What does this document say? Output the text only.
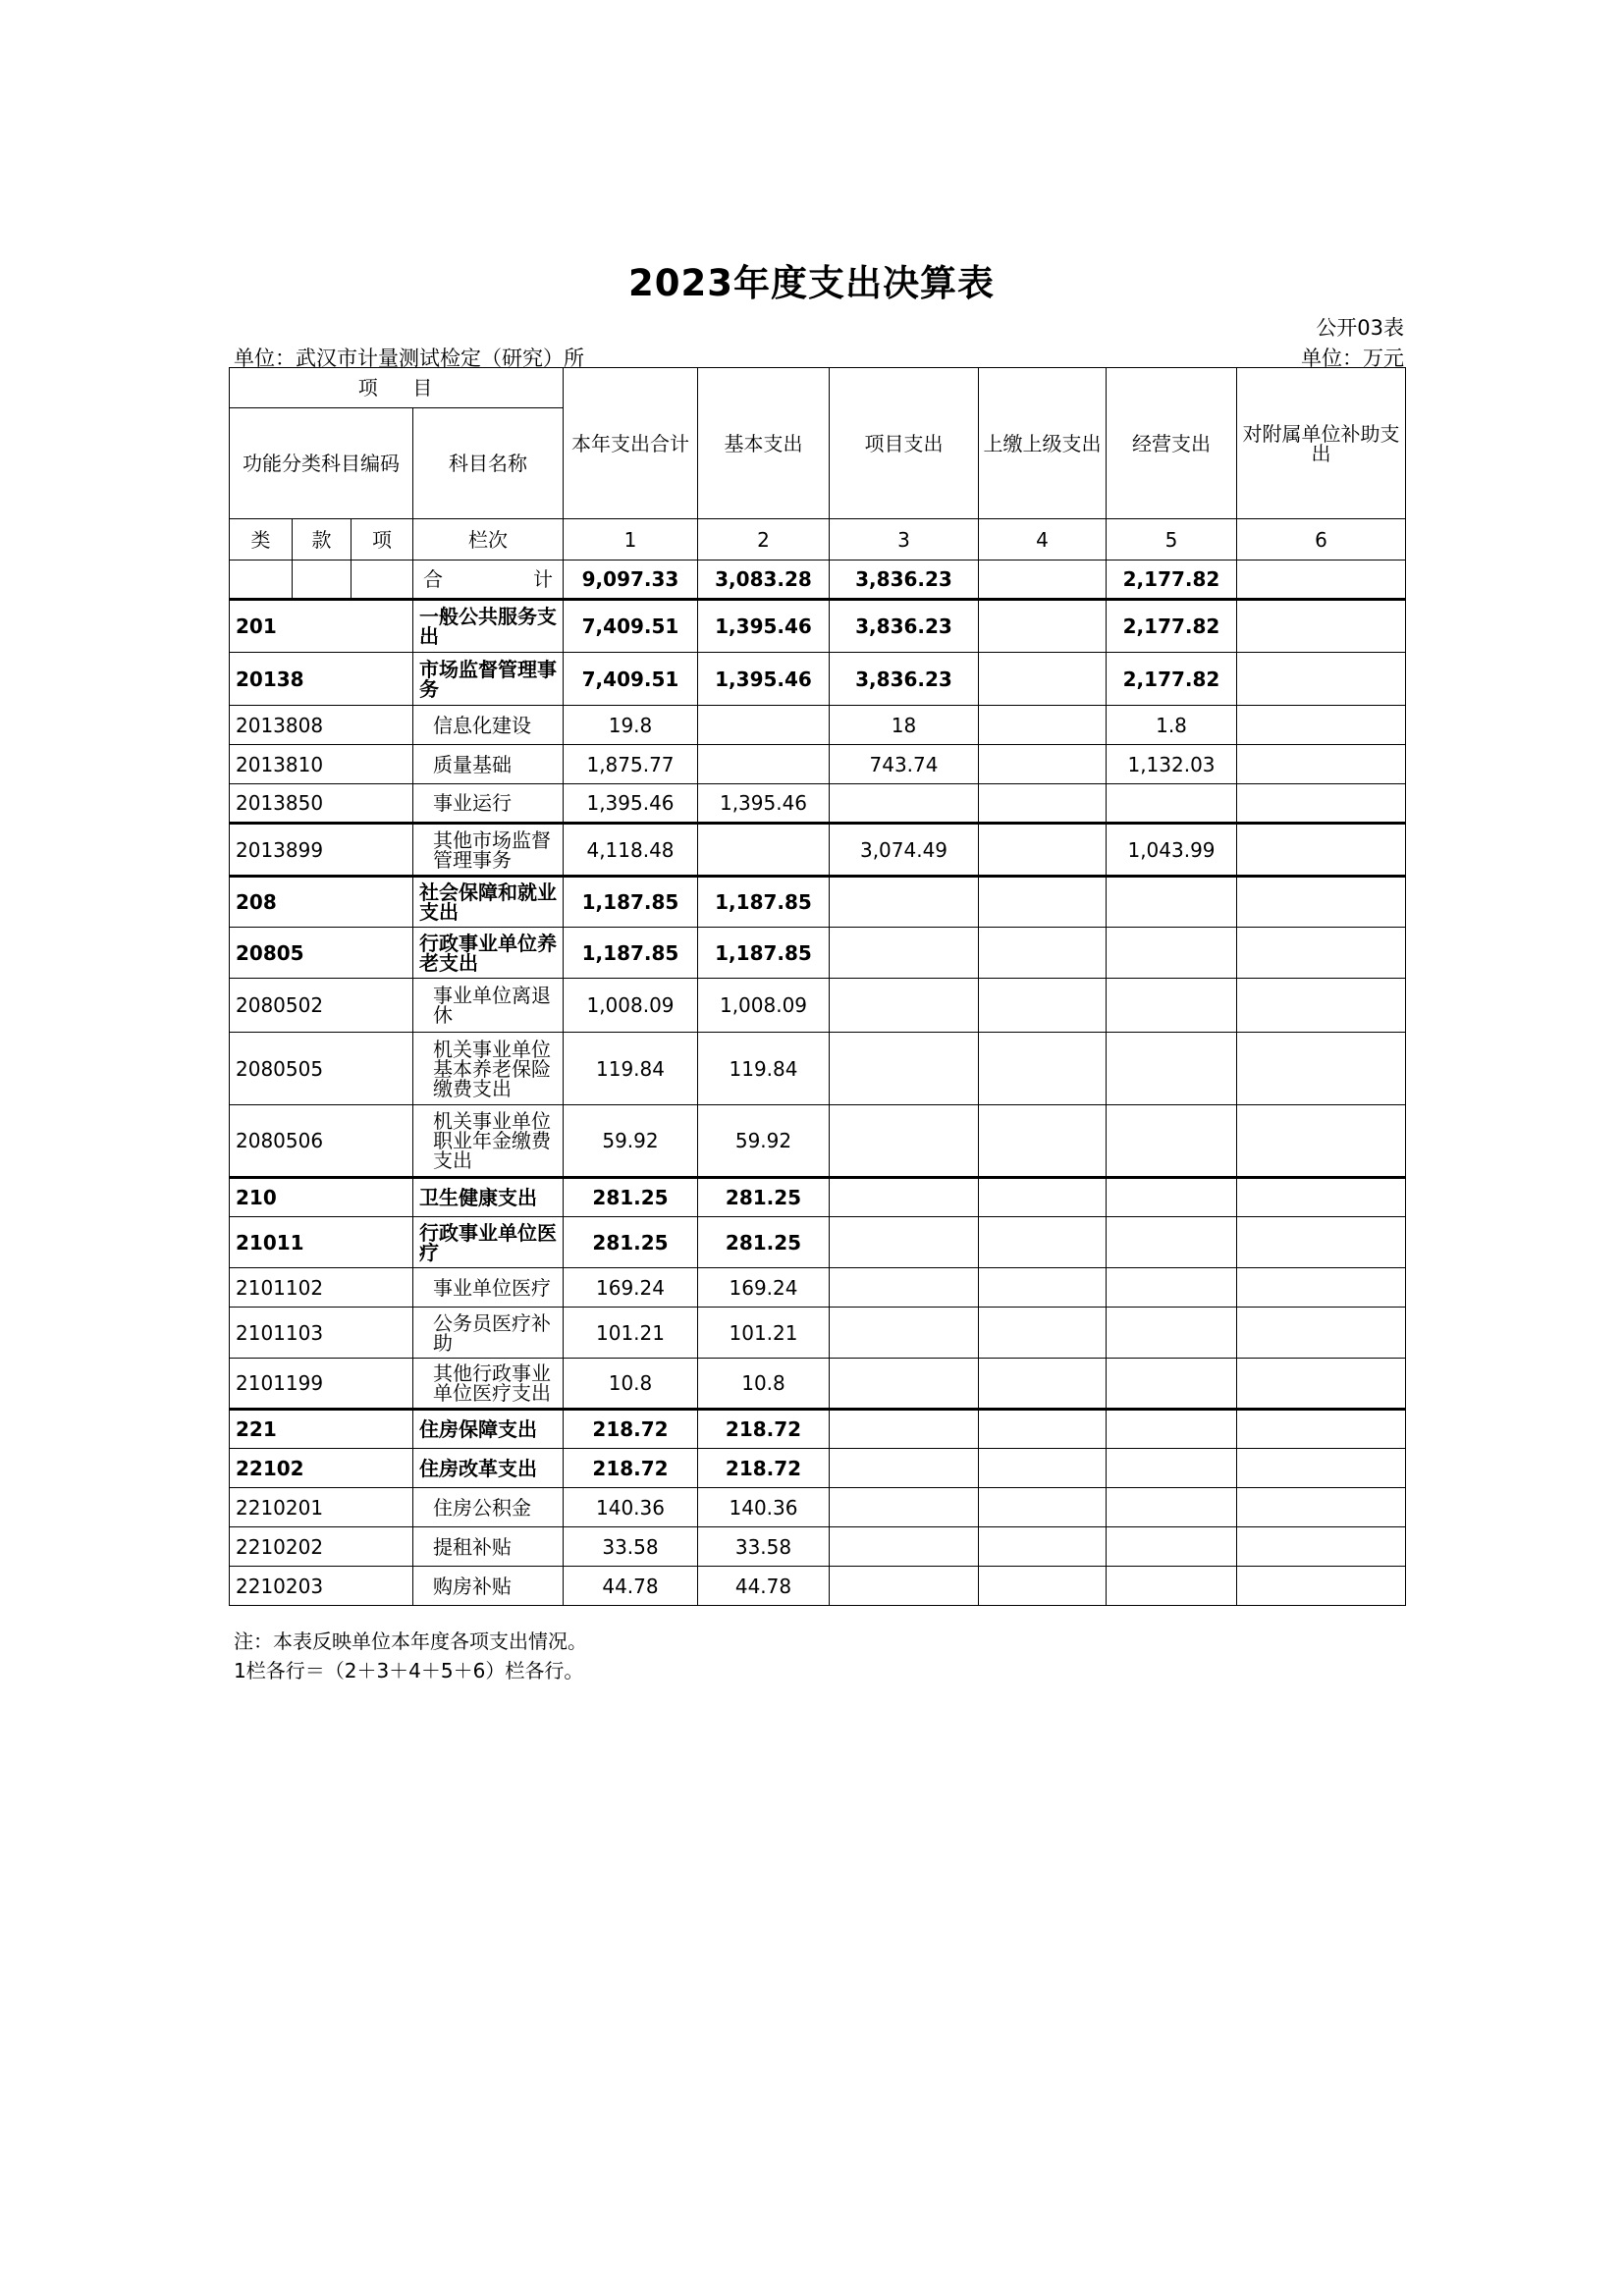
2023年度支出决算表
公开03表
单位：武汉市计量测试检定（研究）所	单位：万元
项    目				本年支出合计	基本支出	项目支出	上缴上级支出	经营支出	对附属单位补助支出
功能分类科目编码			科目名称						
类	款	项	栏次	1	2	3	4	5	6

			合 计	9,097.33	3,083.28	3,836.23		2,177.82	
201			一般公共服务支出	7,409.51	1,395.46	3,836.23		2,177.82	
20138			市场监督管理事务	7,409.51	1,395.46	3,836.23		2,177.82	
2013808			信息化建设	19.8		18		1.8	
2013810			质量基础	1,875.77		743.74		1,132.03	
2013850			事业运行	1,395.46	1,395.46				
2013899			其他市场监督管理事务	4,118.48		3,074.49		1,043.99	
208			社会保障和就业支出	1,187.85	1,187.85				
20805			行政事业单位养老支出	1,187.85	1,187.85				
2080502			事业单位离退休	1,008.09	1,008.09				
2080505			机关事业单位基本养老保险缴费支出	119.84	119.84				
2080506			机关事业单位职业年金缴费支出	59.92	59.92				
210			卫生健康支出	281.25	281.25				
21011			行政事业单位医疗	281.25	281.25				
2101102			事业单位医疗	169.24	169.24				
2101103			公务员医疗补助	101.21	101.21				
2101199			其他行政事业单位医疗支出	10.8	10.8				
221			住房保障支出	218.72	218.72				
22102			住房改革支出	218.72	218.72				
2210201			住房公积金	140.36	140.36				
2210202			提租补贴	33.58	33.58				
2210203			购房补贴	44.78	44.78				
注：本表反映单位本年度各项支出情况。
1栏各行＝（2＋3＋4＋5＋6）栏各行。
